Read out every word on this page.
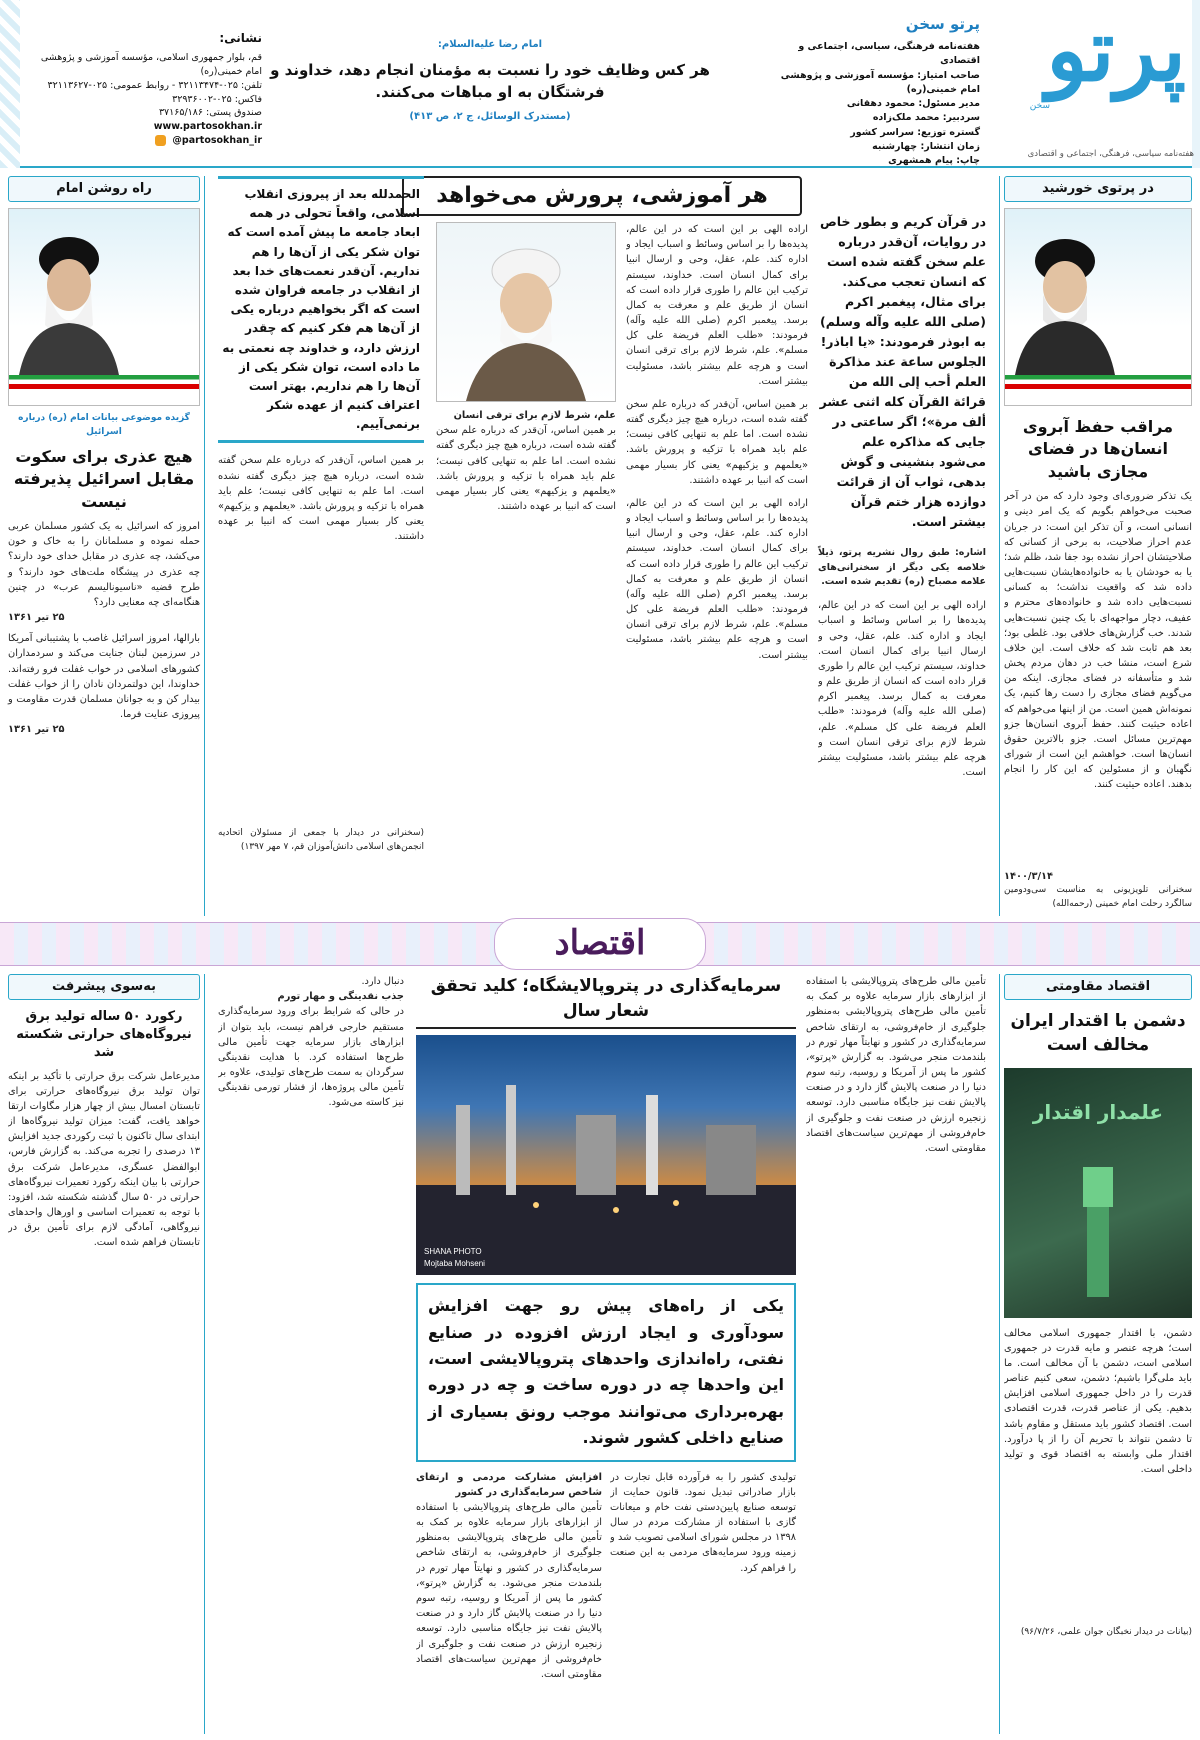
پرتو
سخن
هفته‌نامه سیاسی، فرهنگی، اجتماعی و اقتصادی
پرتو سخن
هفته‌نامه فرهنگی، سیاسی، اجتماعی و اقتصادی
صاحب امتیاز: مؤسسه آموزشی و پژوهشی امام خمینی(ره)
مدیر مسئول: محمود دهقانی
سردبیر: محمد ملک‌زاده
گستره توزیع: سراسر کشور
زمان انتشار: چهارشنبه
چاپ: پیام همشهری
امام رضا علیه‌السلام:
هر کس وظایف خود را نسبت به مؤمنان انجام دهد، خداوند و فرشتگان به او مباهات می‌کنند.
(مستدرک الوسائل، ج ۲، ص ۴۱۳)
نشانی:
قم، بلوار جمهوری اسلامی، مؤسسه آموزشی و پژوهشی امام خمینی(ره)
تلفن: ۰۲۵-۳۲۱۱۳۴۷۴ - روابط عمومی: ۰۲۵-۳۲۱۱۳۶۲۷
فاکس: ۰۲۵-۳۲۹۳۶۰۰۲
صندوق پستی: ۳۷۱۶۵/۱۸۶
www.partosokhan.ir
@partosokhan_ir
در پرتوی خورشید
مراقب حفظ آبروی انسان‌ها در فضای مجازی باشید
یک تذکر ضروری‌ای وجود دارد که من در آخر صحبت می‌خواهم بگویم که یک امر دینی و انسانی است، و آن تذکر این است: در جریان عدم احراز صلاحیت، به برخی از کسانی که صلاحیتشان احراز نشده بود جفا شد، ظلم شد؛ یا به خودشان یا به خانواده‌هایشان نسبت‌هایی داده شد که واقعیت نداشت؛ به کسانی نسبت‌هایی داده شد و خانواده‌های محترم و عفیف، دچار مواجهه‌ای با یک چنین نسبت‌هایی شدند. خب گزارش‌های خلافی بود. غلطی بود؛ بعد هم ثابت شد که خلاف است. این خلاف شرع است، منشا خب در دهان مردم پخش شد و متأسفانه در فضای مجازی. اینکه من می‌گویم فضای مجازی را دست رها کنیم، یک نمونه‌اش همین است. من از اینها می‌خواهم که اعاده حیثیت کنند. حفظ آبروی انسان‌ها جزو مهم‌ترین مسائل است. جزو بالاترین حقوق انسان‌ها است. خواهشم این است از شورای نگهبان و از مسئولین که این کار را انجام بدهند. اعاده حیثیت کنند.
۱۴۰۰/۳/۱۴
سخنرانی تلویزیونی به مناسبت سی‌ودومین سالگرد رحلت امام خمینی (رحمه‌الله)
راه روشن امام
گزیده موضوعی بیانات امام (ره) درباره اسرائیل
هیچ عذری برای سکوت مقابل اسرائیل پذیرفته نیست
امروز که اسرائیل به یک کشور مسلمان عربی حمله نموده و مسلمانان را به خاک و خون می‌کشد، چه عذری در مقابل خدای خود دارند؟ چه عذری در پیشگاه ملت‌های خود دارند؟ و طرح قضیه «ناسیونالیسم عرب» در چنین هنگامه‌ای چه معنایی دارد؟
۲۵ تیر ۱۳۶۱
بارالها، امروز اسرائیل غاصب با پشتیبانی آمریکا در سرزمین لبنان جنایت می‌کند و سردمداران کشورهای اسلامی در خواب غفلت فرو رفته‌اند. خداوندا، این دولتمردان نادان را از خواب غفلت بیدار کن و به جوانان مسلمان قدرت مقاومت و پیروزی عنایت فرما.
۲۵ تیر ۱۳۶۱
هر آموزشی، پرورش می‌خواهد
در قرآن کریم و بطور خاص در روایات، آن‌قدر درباره علم سخن گفته شده است که انسان تعجب می‌کند. برای مثال، پیغمبر اکرم (صلی الله علیه وآله وسلم) به ابوذر فرمودند: «یا اباذر! الجلوس ساعة عند مذاکرة العلم أحب إلی الله من قرائة القرآن کله اثنی عشر ألف مرة»؛ اگر ساعتی در جایی که مذاکره علم می‌شود بنشینی و گوش بدهی، ثواب آن از قرائت دوازده هزار ختم قرآن بیشتر است.
اشاره: طبق روال نشریه پرتو، ذیلاً خلاصه یکی دیگر از سخنرانی‌های علامه مصباح (ره) تقدیم شده است.
اراده الهی بر این است که در این عالم، پدیده‌ها را بر اساس وسائط و اسباب ایجاد و اداره کند. علم، عقل، وحی و ارسال انبیا برای کمال انسان است. خداوند، سیستم ترکیب این عالم را طوری قرار داده است که انسان از طریق علم و معرفت به کمال برسد. پیغمبر اکرم (صلی الله علیه وآله) فرمودند: «طلب العلم فریضة علی کل مسلم». علم، شرط لازم برای ترقی انسان است و هرچه علم بیشتر باشد، مسئولیت بیشتر است.
اراده الهی بر این است که در این عالم، پدیده‌ها را بر اساس وسائط و اسباب ایجاد و اداره کند. علم، عقل، وحی و ارسال انبیا برای کمال انسان است. خداوند، سیستم ترکیب این عالم را طوری قرار داده است که انسان از طریق علم و معرفت به کمال برسد. پیغمبر اکرم (صلی الله علیه وآله) فرمودند: «طلب العلم فریضة علی کل مسلم». علم، شرط لازم برای ترقی انسان است و هرچه علم بیشتر باشد، مسئولیت بیشتر است.
بر همین اساس، آن‌قدر که درباره علم سخن گفته شده است، درباره هیچ چیز دیگری گفته نشده است. اما علم به تنهایی کافی نیست؛ علم باید همراه با تزکیه و پرورش باشد. «یعلمهم و یزکیهم» یعنی کار بسیار مهمی است که انبیا بر عهده داشتند.
اراده الهی بر این است که در این عالم، پدیده‌ها را بر اساس وسائط و اسباب ایجاد و اداره کند. علم، عقل، وحی و ارسال انبیا برای کمال انسان است. خداوند، سیستم ترکیب این عالم را طوری قرار داده است که انسان از طریق علم و معرفت به کمال برسد. پیغمبر اکرم (صلی الله علیه وآله) فرمودند: «طلب العلم فریضة علی کل مسلم». علم، شرط لازم برای ترقی انسان است و هرچه علم بیشتر باشد، مسئولیت بیشتر است.
علم، شرط لازم برای ترقی انسان
بر همین اساس، آن‌قدر که درباره علم سخن گفته شده است، درباره هیچ چیز دیگری گفته نشده است. اما علم به تنهایی کافی نیست؛ علم باید همراه با تزکیه و پرورش باشد. «یعلمهم و یزکیهم» یعنی کار بسیار مهمی است که انبیا بر عهده داشتند.
الحمدلله بعد از پیروزی انقلاب اسلامی، واقعاً تحولی در همه ابعاد جامعه ما پیش آمده است که توان شکر یکی از آن‌ها را هم نداریم. آن‌قدر نعمت‌های خدا بعد از انقلاب در جامعه فراوان شده است که اگر بخواهیم درباره یکی از آن‌ها هم فکر کنیم که چقدر ارزش دارد، و خداوند چه نعمتی به ما داده است، توان شکر یکی از آن‌ها را هم نداریم. بهتر است اعتراف کنیم از عهده شکر برنمی‌آییم.
بر همین اساس، آن‌قدر که درباره علم سخن گفته شده است، درباره هیچ چیز دیگری گفته نشده است. اما علم به تنهایی کافی نیست؛ علم باید همراه با تزکیه و پرورش باشد. «یعلمهم و یزکیهم» یعنی کار بسیار مهمی است که انبیا بر عهده داشتند.
(سخنرانی در دیدار با جمعی از مسئولان اتحادیه انجمن‌های اسلامی دانش‌آموزان قم، ۷ مهر ۱۳۹۷)
اقتصاد
اقتصاد مقاومتی
دشمن با اقتدار ایران مخالف است
علمدار اقتدار
دشمن، با اقتدار جمهوری اسلامی مخالف است؛ هرچه عنصر و مایه قدرت در جمهوری اسلامی است، دشمن با آن مخالف است. ما باید ملی‌گرا باشیم؛ دشمن، سعی کنیم عناصر قدرت را در داخل جمهوری اسلامی افزایش بدهیم. یکی از عناصر قدرت، قدرت اقتصادی است. اقتصاد کشور باید مستقل و مقاوم باشد تا دشمن نتواند با تحریم آن را از پا درآورد. اقتدار ملی وابسته به اقتصاد قوی و تولید داخلی است.
(بیانات در دیدار نخبگان جوان علمی، ۹۶/۷/۲۶)
به‌سوی پیشرفت
رکورد ۵۰ ساله تولید برق
نیروگاه‌های حرارتی شکسته شد
مدیرعامل شرکت برق حرارتی با تأکید بر اینکه توان تولید برق نیروگاه‌های حرارتی برای تابستان امسال بیش از چهار هزار مگاوات ارتقا خواهد یافت، گفت: میزان تولید نیروگاه‌ها از ابتدای سال تاکنون با ثبت رکوردی جدید افزایش ۱۳ درصدی را تجربه می‌کند. به گزارش فارس، ابوالفضل عسگری، مدیرعامل شرکت برق حرارتی با بیان اینکه رکورد تعمیرات نیروگاه‌های حرارتی در ۵۰ سال گذشته شکسته شد، افزود: با توجه به تعمیرات اساسی و اورهال واحدهای نیروگاهی، آمادگی لازم برای تأمین برق در تابستان فراهم شده است.
تأمین مالی طرح‌های پتروپالایشی با استفاده از ابزارهای بازار سرمایه علاوه بر کمک به تأمین مالی طرح‌های پتروپالایشی به‌منظور جلوگیری از خام‌فروشی، به ارتقای شاخص سرمایه‌گذاری در کشور و نهایتاً مهار تورم در بلندمدت منجر می‌شود. به گزارش «پرتو»، کشور ما پس از آمریکا و روسیه، رتبه سوم دنیا را در صنعت پالایش گاز دارد و در صنعت پالایش نفت نیز جایگاه مناسبی دارد. توسعه زنجیره ارزش در صنعت نفت و جلوگیری از خام‌فروشی از مهم‌ترین سیاست‌های اقتصاد مقاومتی است.
سرمایه‌گذاری در پتروپالایشگاه؛ کلید تحقق شعار سال
SHANA PHOTO
Mojtaba Mohseni
یکی از راه‌های پیش رو جهت افزایش سودآوری و ایجاد ارزش افزوده در صنایع نفتی، راه‌اندازی واحدهای پتروپالایشی است، این واحدها چه در دوره ساخت و چه در دوره بهره‌برداری می‌توانند موجب رونق بسیاری از صنایع داخلی کشور شوند.
تولیدی کشور را به فرآورده قابل تجارت در بازار صادراتی تبدیل نمود. قانون حمایت از توسعه صنایع پایین‌دستی نفت خام و میعانات گازی با استفاده از مشارکت مردم در سال ۱۳۹۸ در مجلس شورای اسلامی تصویب شد و زمینه ورود سرمایه‌های مردمی به این صنعت را فراهم کرد.
افزایش مشارکت مردمی و ارتقای شاخص سرمایه‌گذاری در کشور
تأمین مالی طرح‌های پتروپالایشی با استفاده از ابزارهای بازار سرمایه علاوه بر کمک به تأمین مالی طرح‌های پتروپالایشی به‌منظور جلوگیری از خام‌فروشی، به ارتقای شاخص سرمایه‌گذاری در کشور و نهایتاً مهار تورم در بلندمدت منجر می‌شود. به گزارش «پرتو»، کشور ما پس از آمریکا و روسیه، رتبه سوم دنیا را در صنعت پالایش گاز دارد و در صنعت پالایش نفت نیز جایگاه مناسبی دارد. توسعه زنجیره ارزش در صنعت نفت و جلوگیری از خام‌فروشی از مهم‌ترین سیاست‌های اقتصاد مقاومتی است.
دنبال دارد.
جذب نقدینگی و مهار تورم
در حالی که شرایط برای ورود سرمایه‌گذاری مستقیم خارجی فراهم نیست، باید بتوان از ابزارهای بازار سرمایه جهت تأمین مالی طرح‌ها استفاده کرد. با هدایت نقدینگی سرگردان به سمت طرح‌های تولیدی، علاوه بر تأمین مالی پروژه‌ها، از فشار تورمی نقدینگی نیز کاسته می‌شود.
